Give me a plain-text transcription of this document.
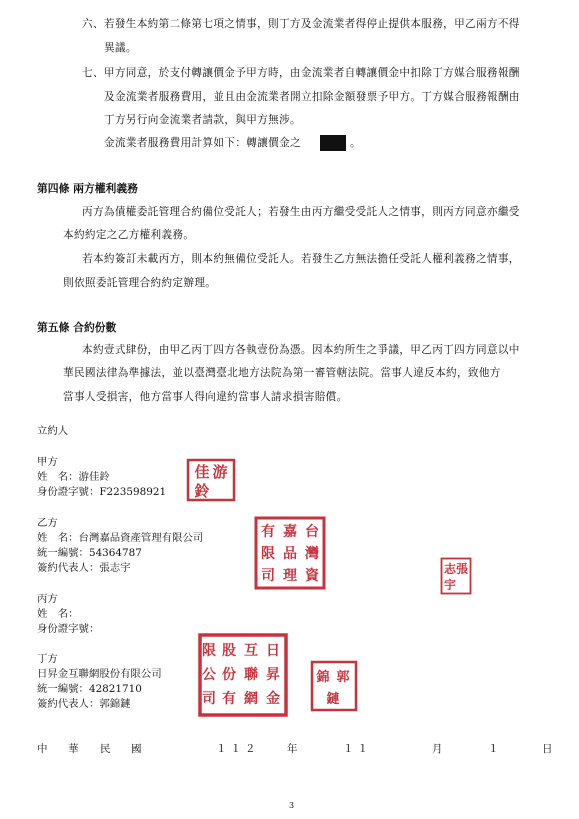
六、若發生本約第二條第七項之情事，則丁方及金流業者得停止提供本服務，甲乙兩方不得
異議。
七、甲方同意，於支付轉讓價金予甲方時，由金流業者自轉讓價金中扣除丁方媒合服務報酬
及金流業者服務費用，並且由金流業者開立扣除金額發票予甲方。丁方媒合服務報酬由
丁方另行向金流業者請款，與甲方無涉。
金流業者服務費用計算如下：轉讓價金之	。
第四條 兩方權利義務
丙方為債權委託管理合約備位受託人；若發生由丙方繼受受託人之情事，則丙方同意亦繼受
本約約定之乙方權利義務。
若本約簽訂未載丙方，則本約無備位受託人。若發生乙方無法擔任受託人權利義務之情事，
則依照委託管理合約約定辦理。
第五條 合約份數
本約壹式肆份，由甲乙丙丁四方各執壹份為憑。因本約所生之爭議，甲乙丙丁四方同意以中
華民國法律為準據法，並以臺灣臺北地方法院為第一審管轄法院。當事人違反本約，致他方
當事人受損害，他方當事人得向違約當事人請求損害賠償。
立約人
甲方
姓　名：游佳鈴
身份證字號：F223598921
乙方
姓　名：台灣嘉品資產管理有限公司
統一編號：54364787
簽約代表人：張志宇
丙方
姓　名：
身份證字號：
丁方
日昇金互聯網股份有限公司
統一編號：42821710
簽約代表人：郭錦鏈
游
佳
鈴
台
灣
資
嘉
品
理
有
限
司	張
志
宇
日
昇
金
互
聯
網
股
份
有
限
公
司
郭
錦
鏈
中 華 民 國	１１２	年	１１	月	１	日
3
